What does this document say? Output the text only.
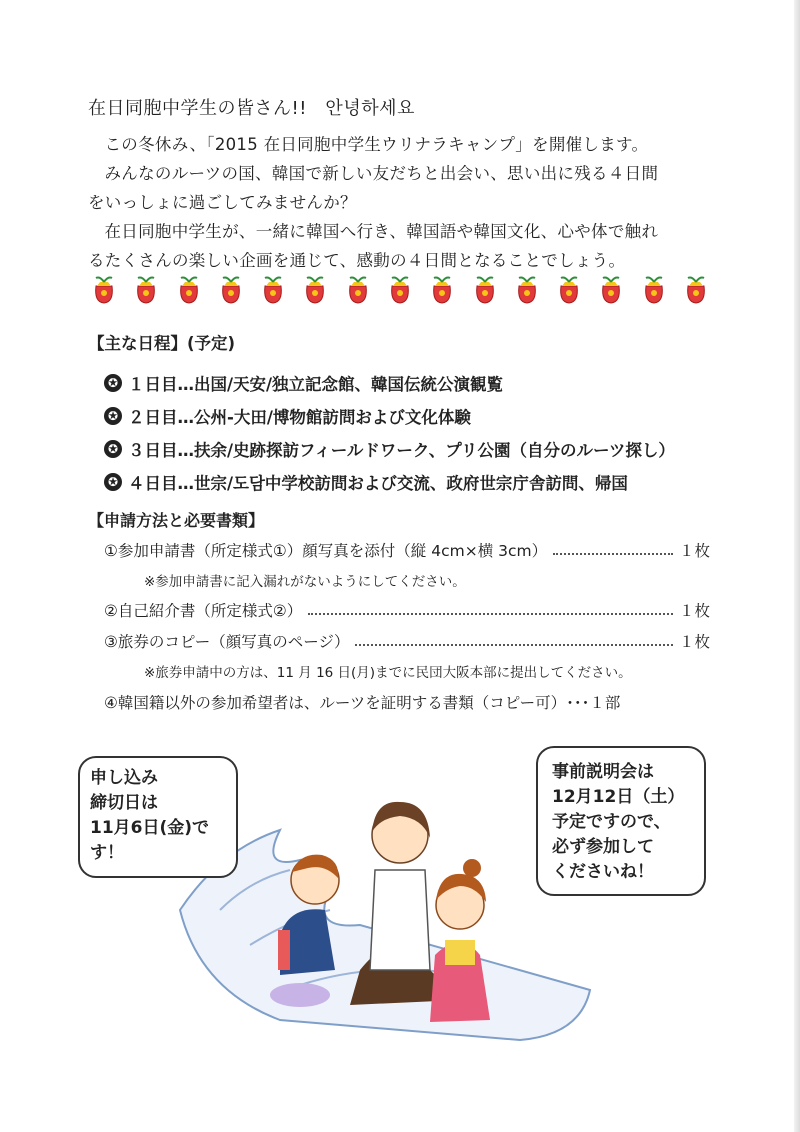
在日同胞中学生の皆さん!!　안녕하세요

この冬休み、「2015 在日同胞中学生ウリナラキャンプ」を開催します。

みんなのルーツの国、韓国で新しい友だちと出会い、思い出に残る４日間

をいっしょに過ごしてみませんか？

在日同胞中学生が、一緒に韓国へ行き、韓国語や韓国文化、心や体で触れ

るたくさんの楽しい企画を通じて、感動の４日間となることでしょう。

【主な日程】(予定)
✪ １日目…出国/天安/独立記念館、韓国伝統公演観覧
✪ ２日目…公州-大田/博物館訪問および文化体験
✪ ３日目…扶余/史跡探訪フィールドワーク、プリ公園（自分のルーツ探し）
✪ ４日目…世宗/도담中学校訪問および交流、政府世宗庁舎訪問、帰国
【申請方法と必要書類】
①参加申請書（所定様式①）顔写真を添付（縦 4cm×横 3cm）	１枚
※参加申請書に記入漏れがないようにしてください。
②自己紹介書（所定様式②）	１枚
③旅券のコピー（顔写真のページ）	１枚
※旅券申請中の方は、11 月 16 日(月)までに民団大阪本部に提出してください。
④韓国籍以外の参加希望者は、ルーツを証明する書類（コピー可）･･･１部
申し込み
締切日は
11月6日(金)で
す！
事前説明会は
12月12日（土）
予定ですので、
必ず参加して
くださいね！
